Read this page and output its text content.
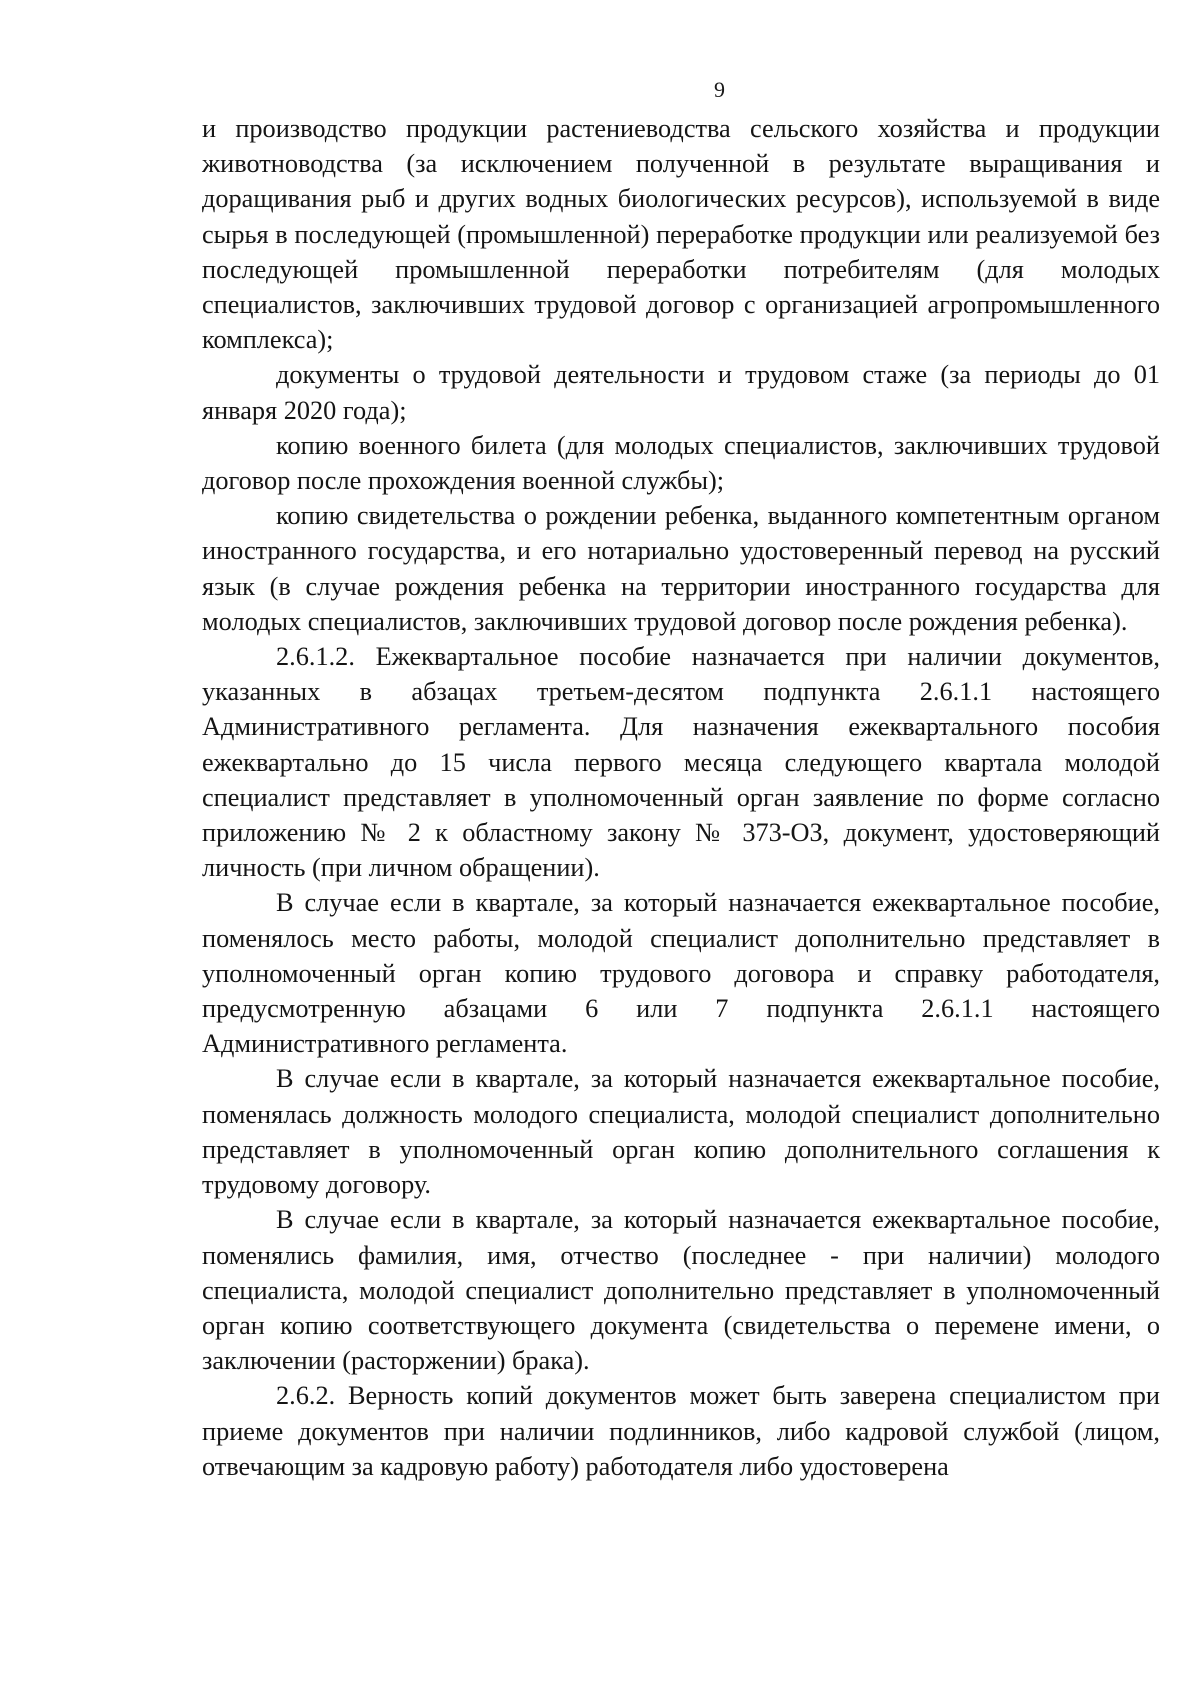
9

и производство продукции растениеводства сельского хозяйства и продукции животноводства (за исключением полученной в результате выращивания и доращивания рыб и других водных биологических ресурсов), используемой в виде сырья в последующей (промышленной) переработке продукции или реализуемой без последующей промышленной переработки потребителям (для молодых специалистов, заключивших трудовой договор с организацией агропромышленного комплекса);

документы о трудовой деятельности и трудовом стаже (за периоды до 01 января 2020 года);

копию военного билета (для молодых специалистов, заключивших трудовой договор после прохождения военной службы);

копию свидетельства о рождении ребенка, выданного компетентным органом иностранного государства, и его нотариально удостоверенный перевод на русский язык (в случае рождения ребенка на территории иностранного государства для молодых специалистов, заключивших трудовой договор после рождения ребенка).

2.6.1.2. Ежеквартальное пособие назначается при наличии документов, указанных в абзацах третьем-десятом подпункта 2.6.1.1 настоящего Административного регламента. Для назначения ежеквартального пособия ежеквартально до 15 числа первого месяца следующего квартала молодой специалист представляет в уполномоченный орган заявление по форме согласно приложению № 2 к областному закону № 373-ОЗ, документ, удостоверяющий личность (при личном обращении).

В случае если в квартале, за который назначается ежеквартальное пособие, поменялось место работы, молодой специалист дополнительно представляет в уполномоченный орган копию трудового договора и справку работодателя, предусмотренную абзацами 6 или 7 подпункта 2.6.1.1 настоящего Административного регламента.

В случае если в квартале, за который назначается ежеквартальное пособие, поменялась должность молодого специалиста, молодой специалист дополнительно представляет в уполномоченный орган копию дополнительного соглашения к трудовому договору.

В случае если в квартале, за который назначается ежеквартальное пособие, поменялись фамилия, имя, отчество (последнее - при наличии) молодого специалиста, молодой специалист дополнительно представляет в уполномоченный орган копию соответствующего документа (свидетельства о перемене имени, о заключении (расторжении) брака).

2.6.2. Верность копий документов может быть заверена специалистом при приеме документов при наличии подлинников, либо кадровой службой (лицом, отвечающим за кадровую работу) работодателя либо удостоверена
